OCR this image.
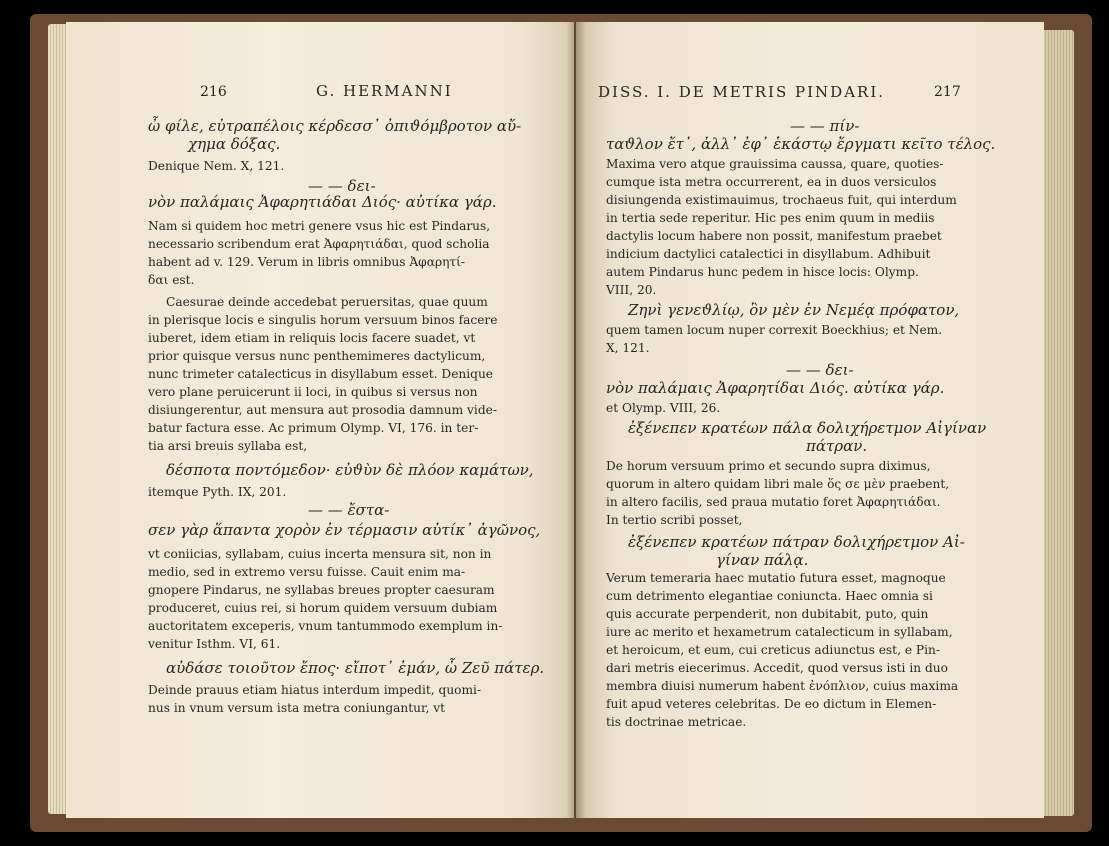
216	G. HERMANNI
ὦ φίλε, εὐτραπέλοις κέρδεσσ᾽ ὀπιϑόμβροτον αὔ-
χημα δόξας.
Denique Nem. X, 121.
— — δει-
νὸν παλάμαις Ἀφαρητιάδαι Διός· αὐτίκα γάρ.
Nam si quidem hoc metri genere vsus hic est Pindarus,
necessario scribendum erat Ἀφαρητιάδαι, quod scholia
habent ad v. 129. Verum in libris omnibus Ἀφαρητί-
δαι est.
Caesurae deinde accedebat peruersitas, quae quum
in plerisque locis e singulis horum versuum binos facere
iuberet, idem etiam in reliquis locis facere suadet, vt
prior quisque versus nunc penthemimeres dactylicum,
nunc trimeter catalecticus in disyllabum esset. Denique
vero plane peruicerunt ii loci, in quibus si versus non
disiungerentur, aut mensura aut prosodia damnum vide-
batur factura esse. Ac primum Olymp. VI, 176. in ter-
tia arsi breuis syllaba est,
δέσποτα ποντόμεδον· εὐϑὺν δὲ πλόον καμάτων,
itemque Pyth. IX, 201.
— — ἔστα-
σεν γὰρ ἅπαντα χορὸν ἐν τέρμασιν αὐτίκ᾽ ἀγῶνος,
vt coniicias, syllabam, cuius incerta mensura sit, non in
medio, sed in extremo versu fuisse. Cauit enim ma-
gnopere Pindarus, ne syllabas breues propter caesuram
produceret, cuius rei, si horum quidem versuum dubiam
auctoritatem exceperis, vnum tantummodo exemplum in-
venitur Isthm. VI, 61.
αὐδάσε τοιοῦτον ἔπος· εἴποτ᾽ ἐμάν, ὦ Ζεῦ πάτερ.
Deinde prauus etiam hiatus interdum impedit, quomi-
nus in vnum versum ista metra coniungantur, vt
DISS. I. DE METRIS PINDARI.	217
— — πίν-
ταϑλον ἔτ᾽, ἀλλ᾽ ἐφ᾽ ἑκάστῳ ἔργματι κεῖτο τέλος.
Maxima vero atque grauissima caussa, quare, quoties-
cumque ista metra occurrerent, ea in duos versiculos
disiungenda existimauimus, trochaeus fuit, qui interdum
in tertia sede reperitur. Hic pes enim quum in mediis
dactylis locum habere non possit, manifestum praebet
indicium dactylici catalectici in disyllabum. Adhibuit
autem Pindarus hunc pedem in hisce locis: Olymp.
VIII, 20.
Ζηνὶ γενεϑλίῳ, ὃν μὲν ἐν Νεμέᾳ πρόφατον,
quem tamen locum nuper correxit Boeckhius; et Nem.
X, 121.
— — δει-
νὸν παλάμαις Ἀφαρητίδαι Διός. αὐτίκα γάρ.
et Olymp. VIII, 26.
ἐξένεπεν κρατέων πάλα δολιχήρετμον Αἰγίναν
πάτραν.
De horum versuum primo et secundo supra diximus,
quorum in altero quidam libri male ὅς σε μὲν praebent,
in altero facilis, sed praua mutatio foret Ἀφαρητιάδαι.
In tertio scribi posset,
ἐξένεπεν κρατέων πάτραν δολιχήρετμον Αἰ-
γίναν πάλᾳ.
Verum temeraria haec mutatio futura esset, magnoque
cum detrimento elegantiae coniuncta. Haec omnia si
quis accurate perpenderit, non dubitabit, puto, quin
iure ac merito et hexametrum catalecticum in syllabam,
et heroicum, et eum, cui creticus adiunctus est, e Pin-
dari metris eiecerimus. Accedit, quod versus isti in duo
membra diuisi numerum habent ἐνόπλιον, cuius maxima
fuit apud veteres celebritas. De eo dictum in Elemen-
tis doctrinae metricae.
